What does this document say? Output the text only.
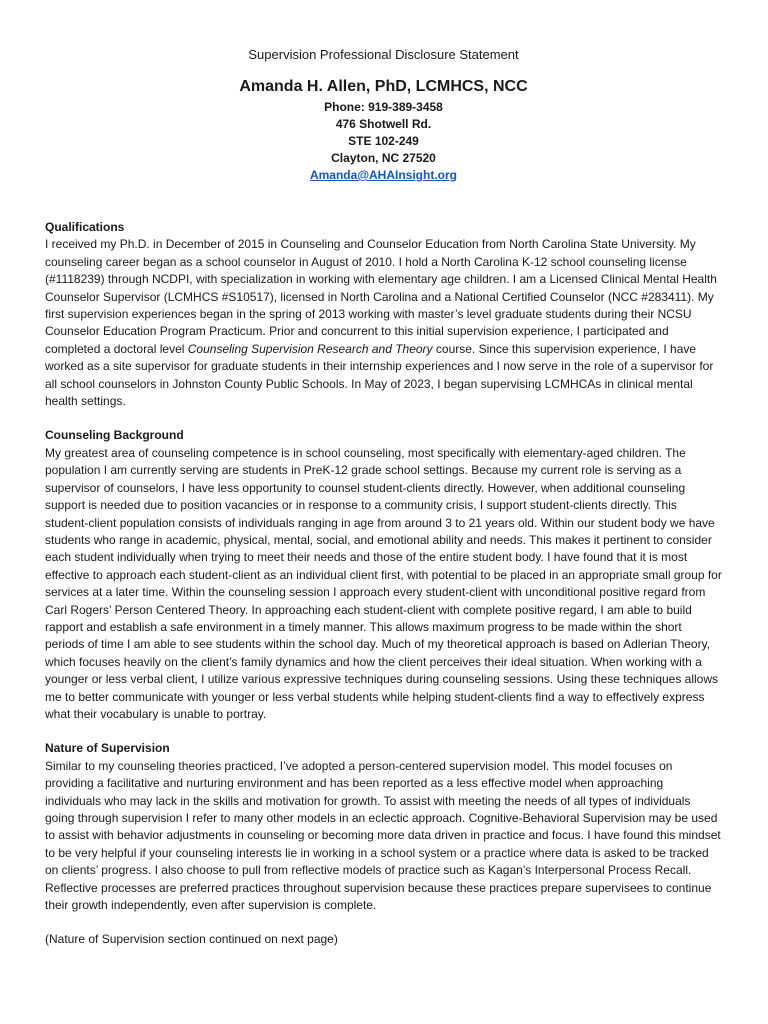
Supervision Professional Disclosure Statement
Amanda H. Allen, PhD, LCMHCS, NCC
Phone: 919-389-3458
476 Shotwell Rd.
STE 102-249
Clayton, NC 27520
Amanda@AHAInsight.org

Qualifications

I received my Ph.D. in December of 2015 in Counseling and Counselor Education from North Carolina State University. My counseling career began as a school counselor in August of 2010. I hold a North Carolina K-12 school counseling license (#1118239) through NCDPI, with specialization in working with elementary age children. I am a Licensed Clinical Mental Health Counselor Supervisor (LCMHCS #S10517), licensed in North Carolina and a National Certified Counselor (NCC #283411). My first supervision experiences began in the spring of 2013 working with master’s level graduate students during their NCSU Counselor Education Program Practicum. Prior and concurrent to this initial supervision experience, I participated and completed a doctoral level Counseling Supervision Research and Theory course. Since this supervision experience, I have worked as a site supervisor for graduate students in their internship experiences and I now serve in the role of a supervisor for all school counselors in Johnston County Public Schools. In May of 2023, I began supervising LCMHCAs in clinical mental health settings.

Counseling Background

My greatest area of counseling competence is in school counseling, most specifically with elementary-aged children. The population I am currently serving are students in PreK-12 grade school settings. Because my current role is serving as a supervisor of counselors, I have less opportunity to counsel student-clients directly. However, when additional counseling support is needed due to position vacancies or in response to a community crisis, I support student-clients directly. This student-client population consists of individuals ranging in age from around 3 to 21 years old. Within our student body we have students who range in academic, physical, mental, social, and emotional ability and needs. This makes it pertinent to consider each student individually when trying to meet their needs and those of the entire student body. I have found that it is most effective to approach each student-client as an individual client first, with potential to be placed in an appropriate small group for services at a later time. Within the counseling session I approach every student-client with unconditional positive regard from Carl Rogers’ Person Centered Theory. In approaching each student-client with complete positive regard, I am able to build rapport and establish a safe environment in a timely manner. This allows maximum progress to be made within the short periods of time I am able to see students within the school day. Much of my theoretical approach is based on Adlerian Theory, which focuses heavily on the client’s family dynamics and how the client perceives their ideal situation. When working with a younger or less verbal client, I utilize various expressive techniques during counseling sessions. Using these techniques allows me to better communicate with younger or less verbal students while helping student-clients find a way to effectively express what their vocabulary is unable to portray.

Nature of Supervision

Similar to my counseling theories practiced, I’ve adopted a person-centered supervision model. This model focuses on providing a facilitative and nurturing environment and has been reported as a less effective model when approaching individuals who may lack in the skills and motivation for growth. To assist with meeting the needs of all types of individuals going through supervision I refer to many other models in an eclectic approach. Cognitive-Behavioral Supervision may be used to assist with behavior adjustments in counseling or becoming more data driven in practice and focus. I have found this mindset to be very helpful if your counseling interests lie in working in a school system or a practice where data is asked to be tracked on clients’ progress. I also choose to pull from reflective models of practice such as Kagan’s Interpersonal Process Recall. Reflective processes are preferred practices throughout supervision because these practices prepare supervisees to continue their growth independently, even after supervision is complete.

(Nature of Supervision section continued on next page)
